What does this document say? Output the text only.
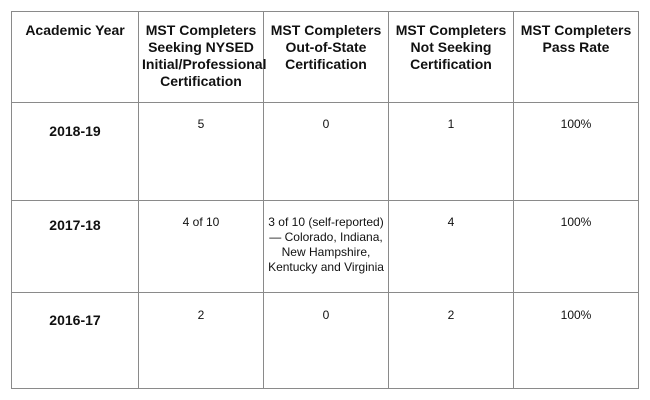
Academic Year	MST Completers Seeking NYSED Initial/Professional Certification	MST Completers Out-of-State Certification	MST Completers Not Seeking Certification	MST Completers Pass Rate
2018-19	5	0	1	100%
2017-18	4 of 10	3 of 10 (self-reported) — Colorado, Indiana, New Hampshire, Kentucky and Virginia	4	100%
2016-17	2	0	2	100%
